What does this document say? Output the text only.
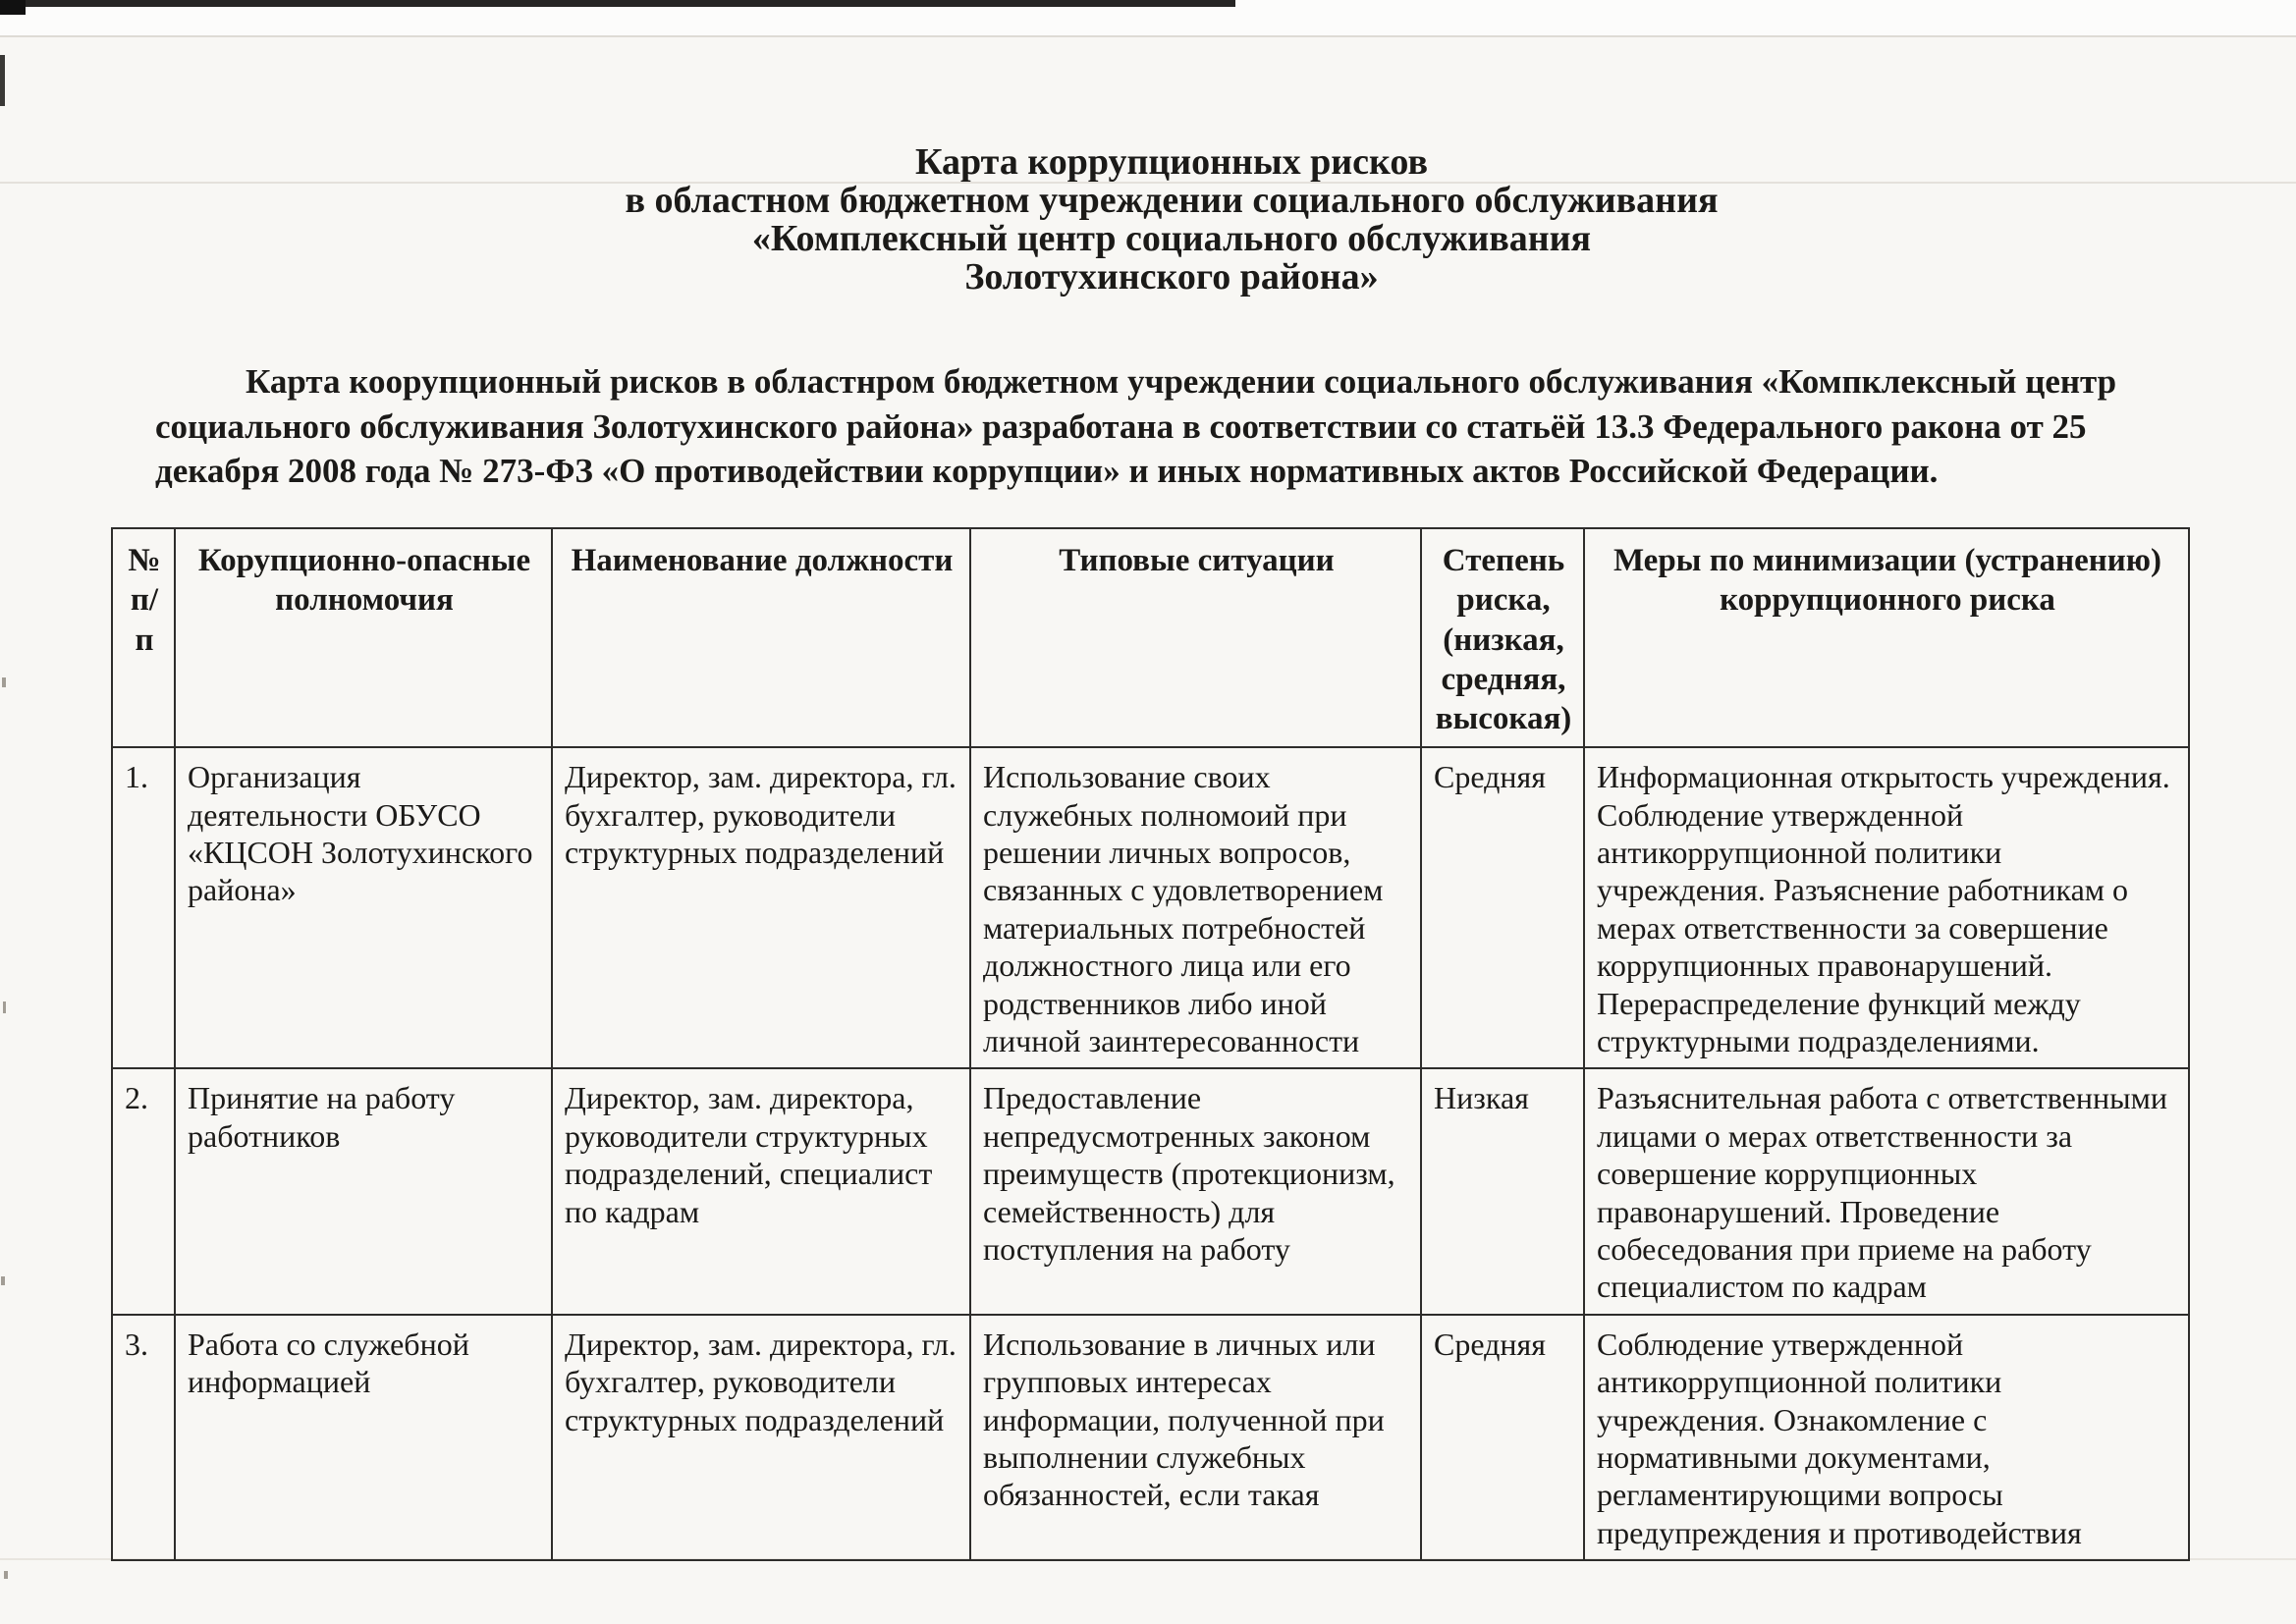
Карта коррупционных рисков
в областном бюджетном учреждении социального обслуживания
«Комплексный центр социального обслуживания
Золотухинского района»
Карта коорупционный рисков в областнром бюджетном учреждении социального обслуживания «Компклексный центр социального обслуживания Золотухинского района» разработана в соответствии со статьёй 13.3 Федерального ракона от 25 декабря 2008 года № 273-ФЗ «О противодействии коррупции» и иных нормативных актов Российской Федерации.
№ п/п	Корупционно-опасные полномочия	Наименование должности	Типовые ситуации	Степень риска, (низкая, средняя, высокая)	Меры по минимизации (устранению) коррупционного риска
1.	Организация деятельности ОБУСО «КЦСОН Золотухинского района»	Директор, зам. директора, гл. бухгалтер, руководители структурных подразделений	Использование своих служебных полномоий при решении личных вопросов, связанных с удовлетворением материальных потребностей должностного лица или его родственников либо иной личной заинтересованности	Средняя	Информационная открытость учреждения. Соблюдение утвержденной антикоррупционной политики учреждения. Разъяснение работникам о мерах ответственности за совершение коррупционных правонарушений. Перераспределение функций между структурными подразделениями.
2.	Принятие на работу работников	Директор, зам. директора, руководители структурных подразделений, специалист по кадрам	Предоставление непредусмотренных законом преимуществ (протекционизм, семейственность) для поступления на работу	Низкая	Разъяснительная работа с ответственными лицами о мерах ответственности за совершение коррупционных правонарушений. Проведение собеседования при приеме на работу специалистом по кадрам
3.	Работа со служебной информацией	Директор, зам. директора, гл. бухгалтер, руководители структурных подразделений	Использование в личных или групповых интересах информации, полученной при выполнении служебных обязанностей, если такая	Средняя	Соблюдение утвержденной антикоррупционной политики учреждения. Ознакомление с нормативными документами, регламентирующими вопросы предупреждения и противодействия
